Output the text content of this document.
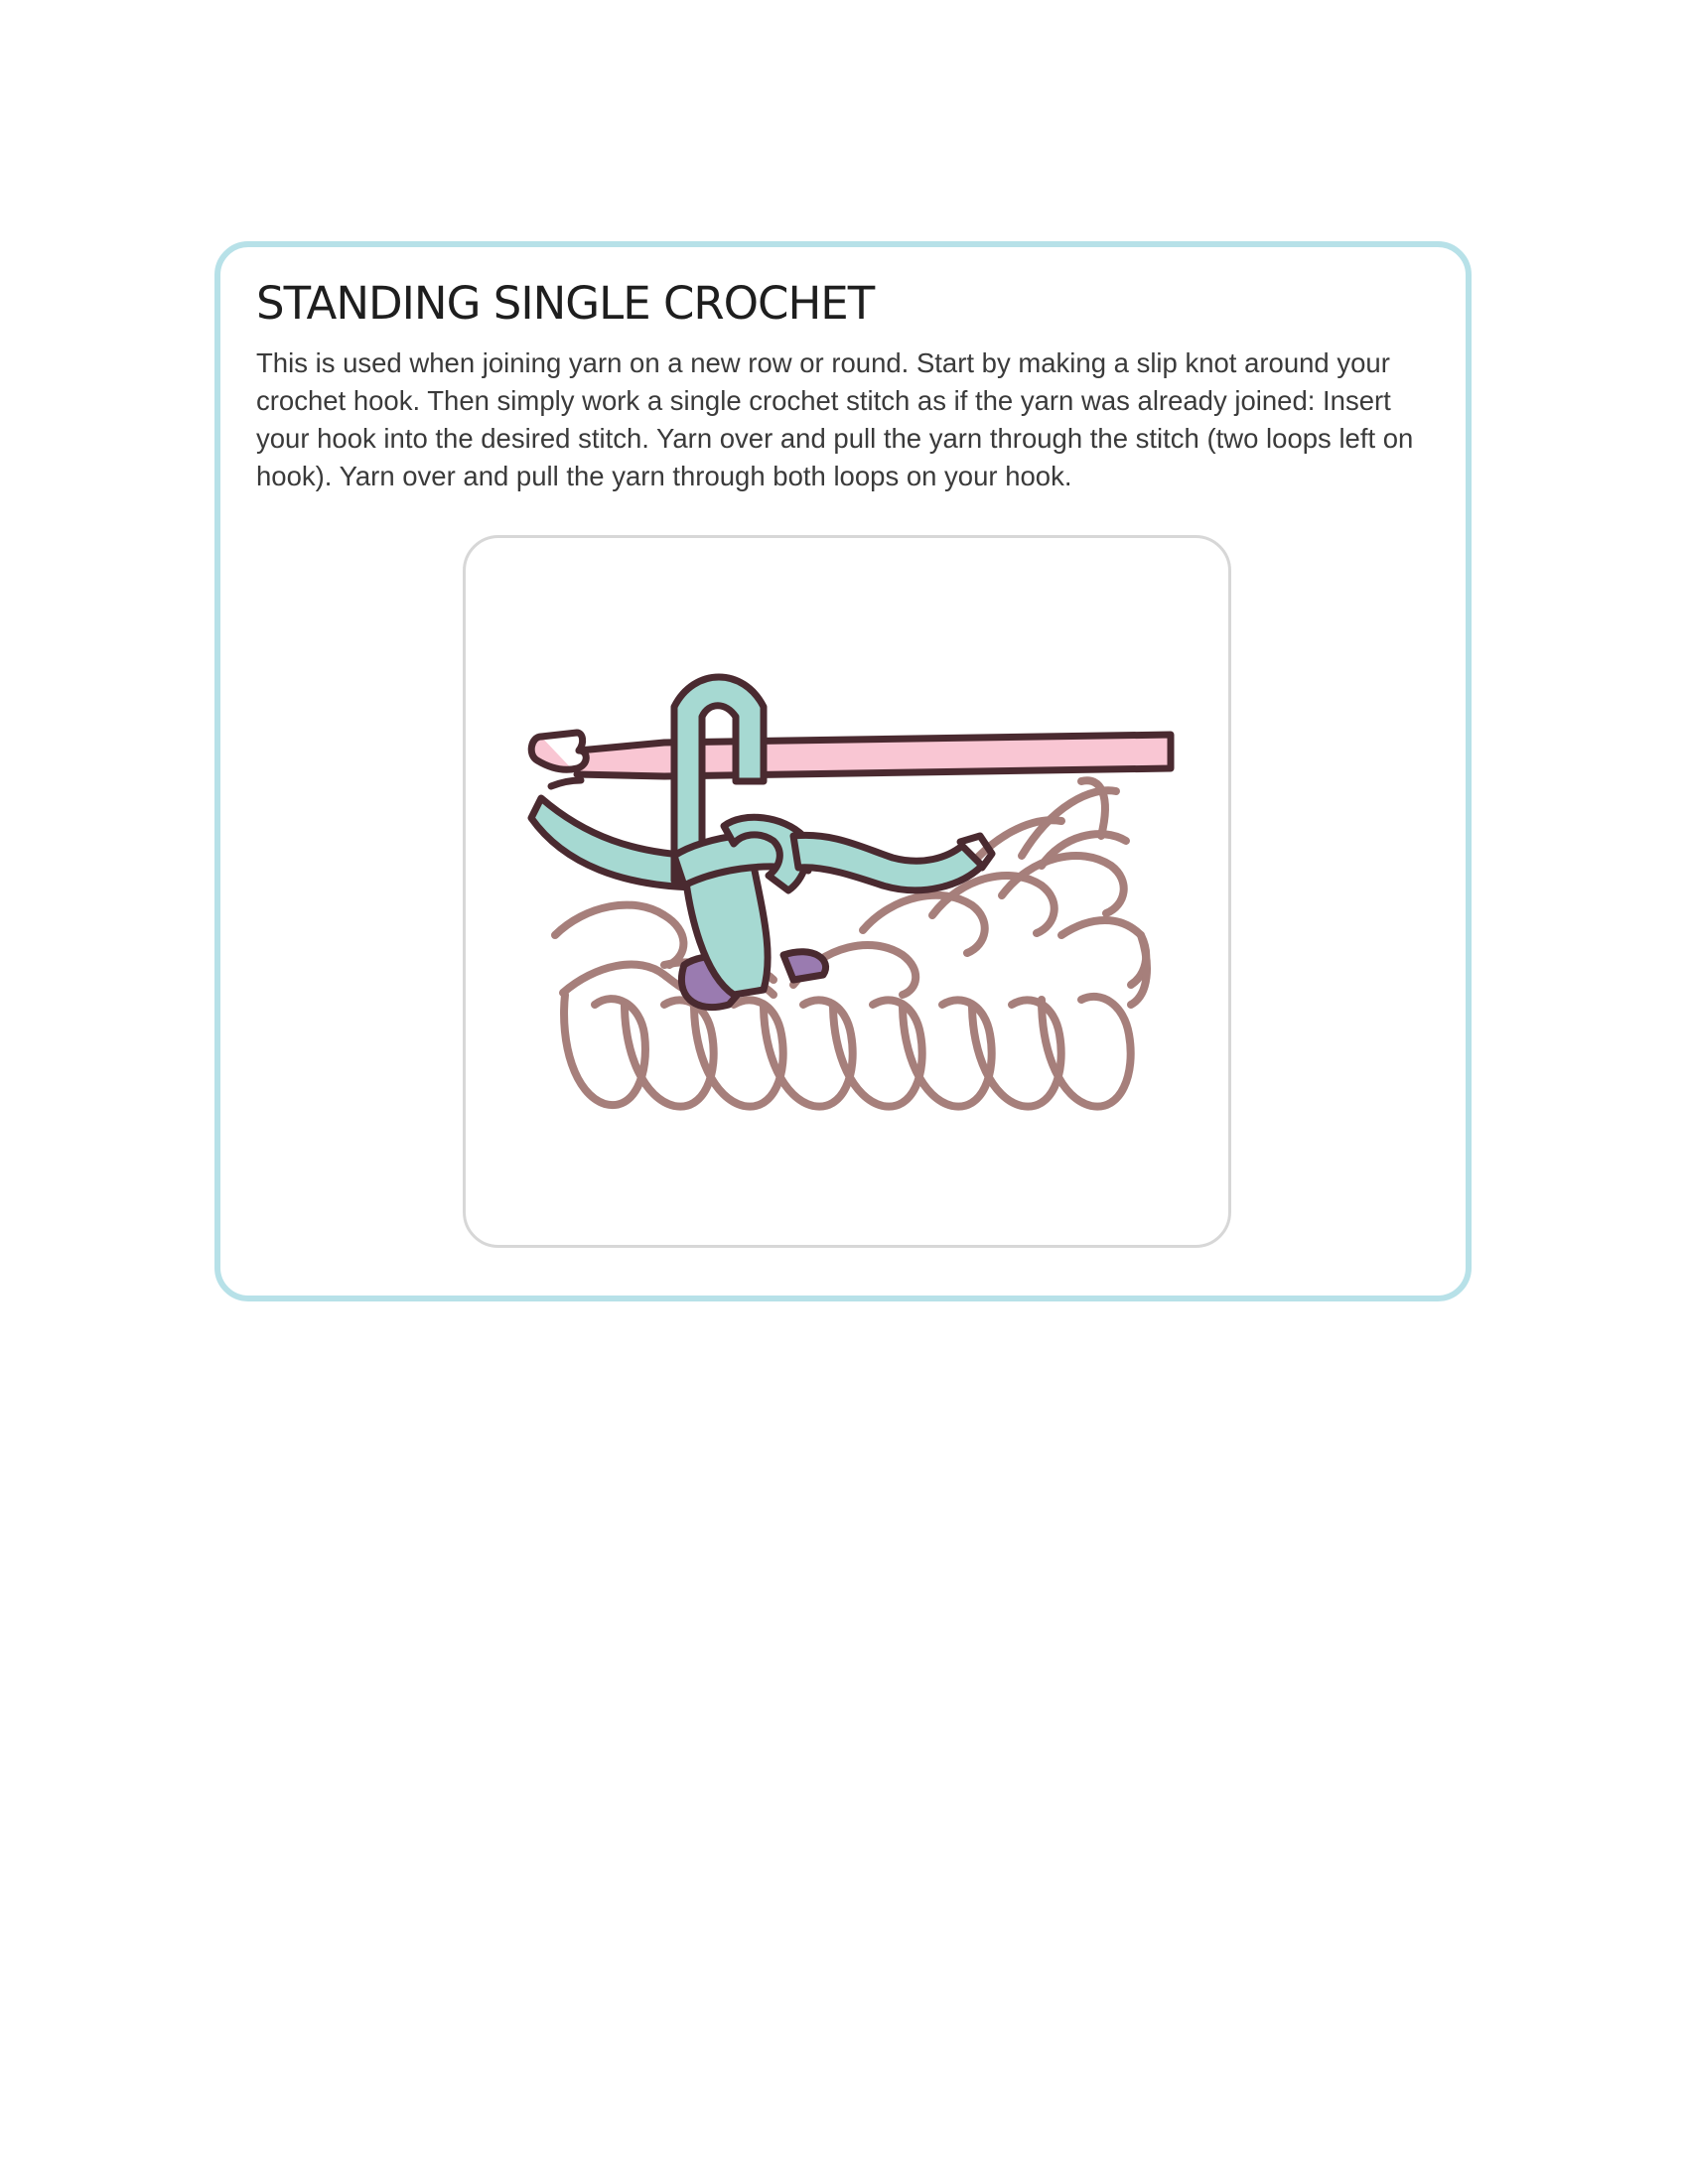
STANDING SINGLE CROCHET

This is used when joining yarn on a new row or round. Start by making a slip knot around your crochet hook. Then simply work a single crochet stitch as if the yarn was already joined: Insert your hook into the desired stitch. Yarn over and pull the yarn through the stitch (two loops left on hook). Yarn over and pull the yarn through both loops on your hook.
